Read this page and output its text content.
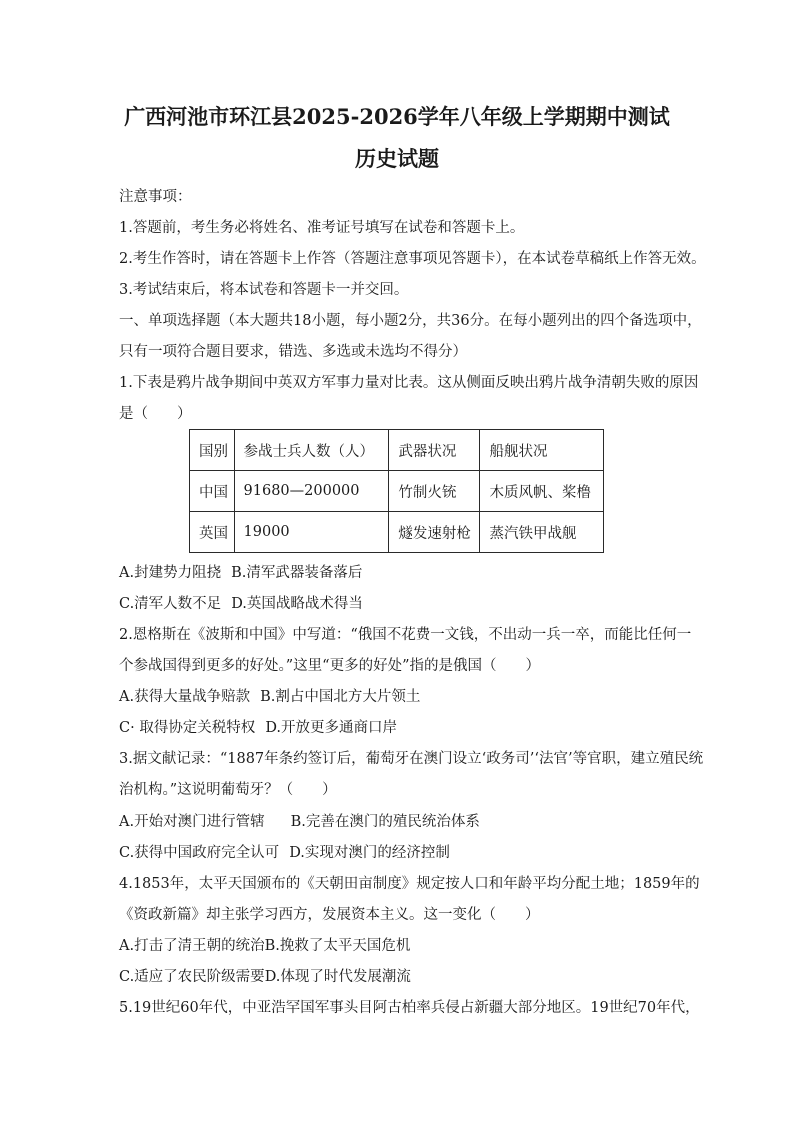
广西河池市环江县2025-2026学年八年级上学期期中测试
历史试题

注意事项：

1.答题前，考生务必将姓名、准考证号填写在试卷和答题卡上。

2.考生作答时，请在答题卡上作答（答题注意事项见答题卡），在本试卷草稿纸上作答无效。

3.考试结束后，将本试卷和答题卡一并交回。

一、单项选择题（本大题共18小题，每小题2分，共36分。在每小题列出的四个备选项中，

只有一项符合题目要求，错选、多选或未选均不得分）

1.下表是鸦片战争期间中英双方军事力量对比表。这从侧面反映出鸦片战争清朝失败的原因

是（　　）

国别	参战士兵人数（人）	武器状况	船舰状况
中国	91680—200000	竹制火铳	木质风帆、桨橹
英国	19000	燧发速射枪	蒸汽铁甲战舰

A.封建势力阻挠 B.清军武器装备落后

C.清军人数不足 D.英国战略战术得当

2.恩格斯在《波斯和中国》中写道：“俄国不花费一文钱，不出动一兵一卒，而能比任何一

个参战国得到更多的好处。”这里“更多的好处”指的是俄国（　　）

A.获得大量战争赔款 B.割占中国北方大片领土

C· 取得协定关税特权 D.开放更多通商口岸

3.据文献记录：“1887年条约签订后，葡萄牙在澳门设立‘政务司’‘法官’等官职，建立殖民统

治机构。”这说明葡萄牙？（　　）

A.开始对澳门进行管辖 B.完善在澳门的殖民统治体系

C.获得中国政府完全认可 D.实现对澳门的经济控制

4.1853年，太平天国颁布的《天朝田亩制度》规定按人口和年龄平均分配土地；1859年的

《资政新篇》却主张学习西方，发展资本主义。这一变化（　　）

A.打击了清王朝的统治B.挽救了太平天国危机

C.适应了农民阶级需要D.体现了时代发展潮流

5.19世纪60年代，中亚浩罕国军事头目阿古柏率兵侵占新疆大部分地区。19世纪70年代，
